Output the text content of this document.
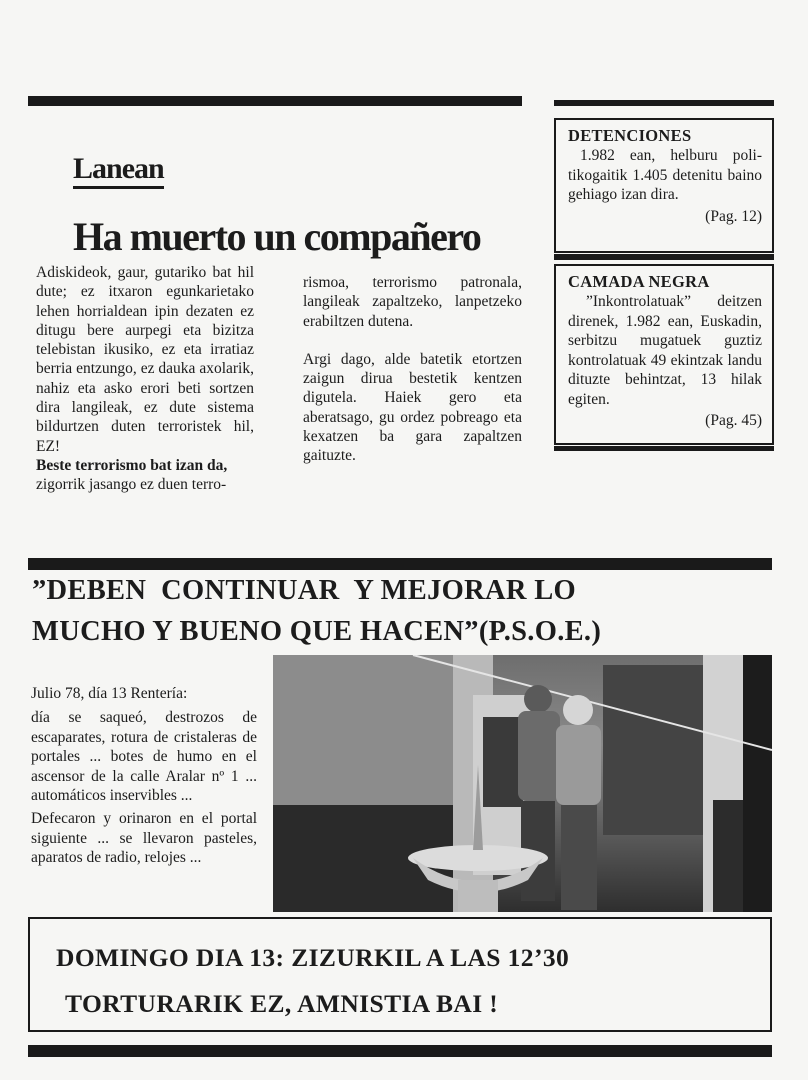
Lanean
Ha muerto un compañero

Adiskideok, gaur, gutariko bat hil dute; ez itxaron egunkarietako lehen horrialdean ipin dezaten ez ditugu bere aurpegi eta bizitza telebistan ikusiko, ez eta irratiaz berria entzungo, ez dauka axolarik, nahiz eta asko erori beti sortzen dira langileak, ez dute sistema bildurtzen duten terroristek hil, EZ!

Beste terrorismo bat izan da,

zigorrik jasango ez duen terro-

rismoa, terrorismo patronala, langileak zapaltzeko, lanpetzeko erabiltzen dutena.

Argi dago, alde batetik etortzen zaigun dirua bestetik kentzen digutela. Haiek gero eta aberatsago, gu ordez pobreago eta kexatzen ba gara zapaltzen gaituzte.

DETENCIONES
1.982 ean, helburu politikogaitik 1.405 detenitu baino gehiago izan dira.
(Pag. 12)
CAMADA NEGRA
”Inkontrolatuak” deitzen direnek, 1.982 ean, Euskadin, serbitzu mugatuek guztiz kontrolatuak 49 ekintzak landu dituzte behintzat, 13 hilak egiten.
(Pag. 45)
”DEBEN  CONTINUAR  Y MEJORAR LO
MUCHO Y BUENO QUE HACEN”(P.S.O.E.)

Julio 78, día 13 Rentería:

día se saqueó, destrozos de escaparates, rotura de cristaleras de portales ... botes de humo en el ascensor de la calle Aralar nº 1 ... automáticos inservibles ...

Defecaron y orinaron en el portal siguiente ... se llevaron pasteles, aparatos de radio, relojes ...

DOMINGO DIA 13: ZIZURKIL A LAS 12’30
TORTURARIK EZ, AMNISTIA BAI !
